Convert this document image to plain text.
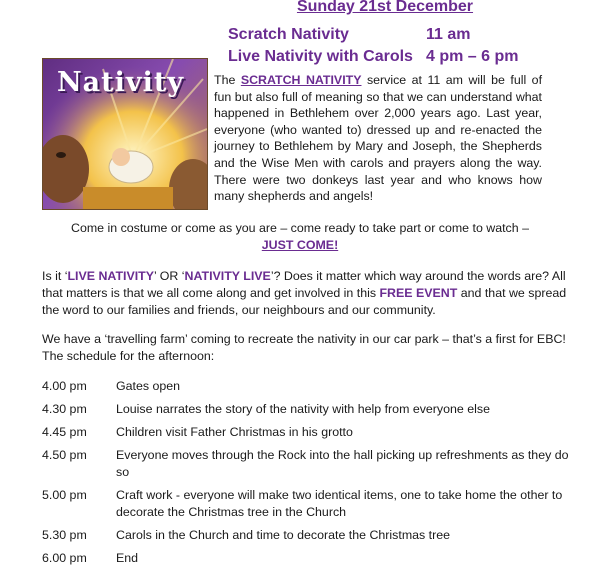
Sunday 21st December
Scratch Nativity	11 am
Live Nativity with Carols 4 pm – 6 pm
Nativity The SCRATCH NATIVITY service at 11 am will be full of fun but also full of meaning so that we can understand what happened in Bethlehem over 2,000 years ago. Last year, everyone (who wanted to) dressed up and re-enacted the journey to Bethlehem by Mary and Joseph, the Shepherds and the Wise Men with carols and prayers along the way. There were two donkeys last year and who knows how many shepherds and angels!
Come in costume or come as you are – come ready to take part or come to watch –
JUST COME!
Is it ‘LIVE NATIVITY’ OR ‘NATIVITY LIVE’? Does it matter which way around the words are? All that matters is that we all come along and get involved in this FREE EVENT and that we spread the word to our families and friends, our neighbours and our community.
We have a ‘travelling farm’ coming to recreate the nativity in our car park – that’s a first for EBC! The schedule for the afternoon:
4.00 pm Gates open
4.30 pm Louise narrates the story of the nativity with help from everyone else
4.45 pm Children visit Father Christmas in his grotto
4.50 pm Everyone moves through the Rock into the hall picking up refreshments as they do so
5.00 pm Craft work - everyone will make two identical items, one to take home the other to decorate the Christmas tree in the Church
5.30 pm Carols in the Church and time to decorate the Christmas tree
6.00 pm End
